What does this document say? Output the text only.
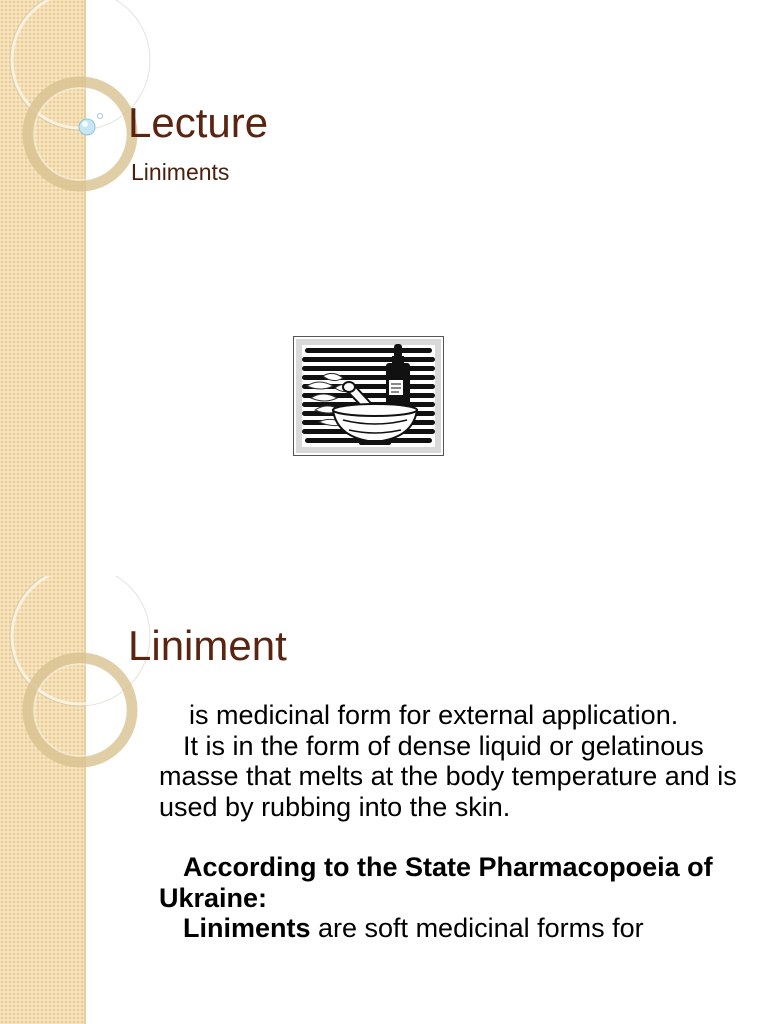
Lecture
Liniments
Liniment

is medicinal form for external application.

It is in the form of dense liquid or gelatinous masse that melts at the body temperature and is used by rubbing into the skin.

According to the State Pharmacopoeia of Ukraine:

Liniments are soft medicinal forms for
